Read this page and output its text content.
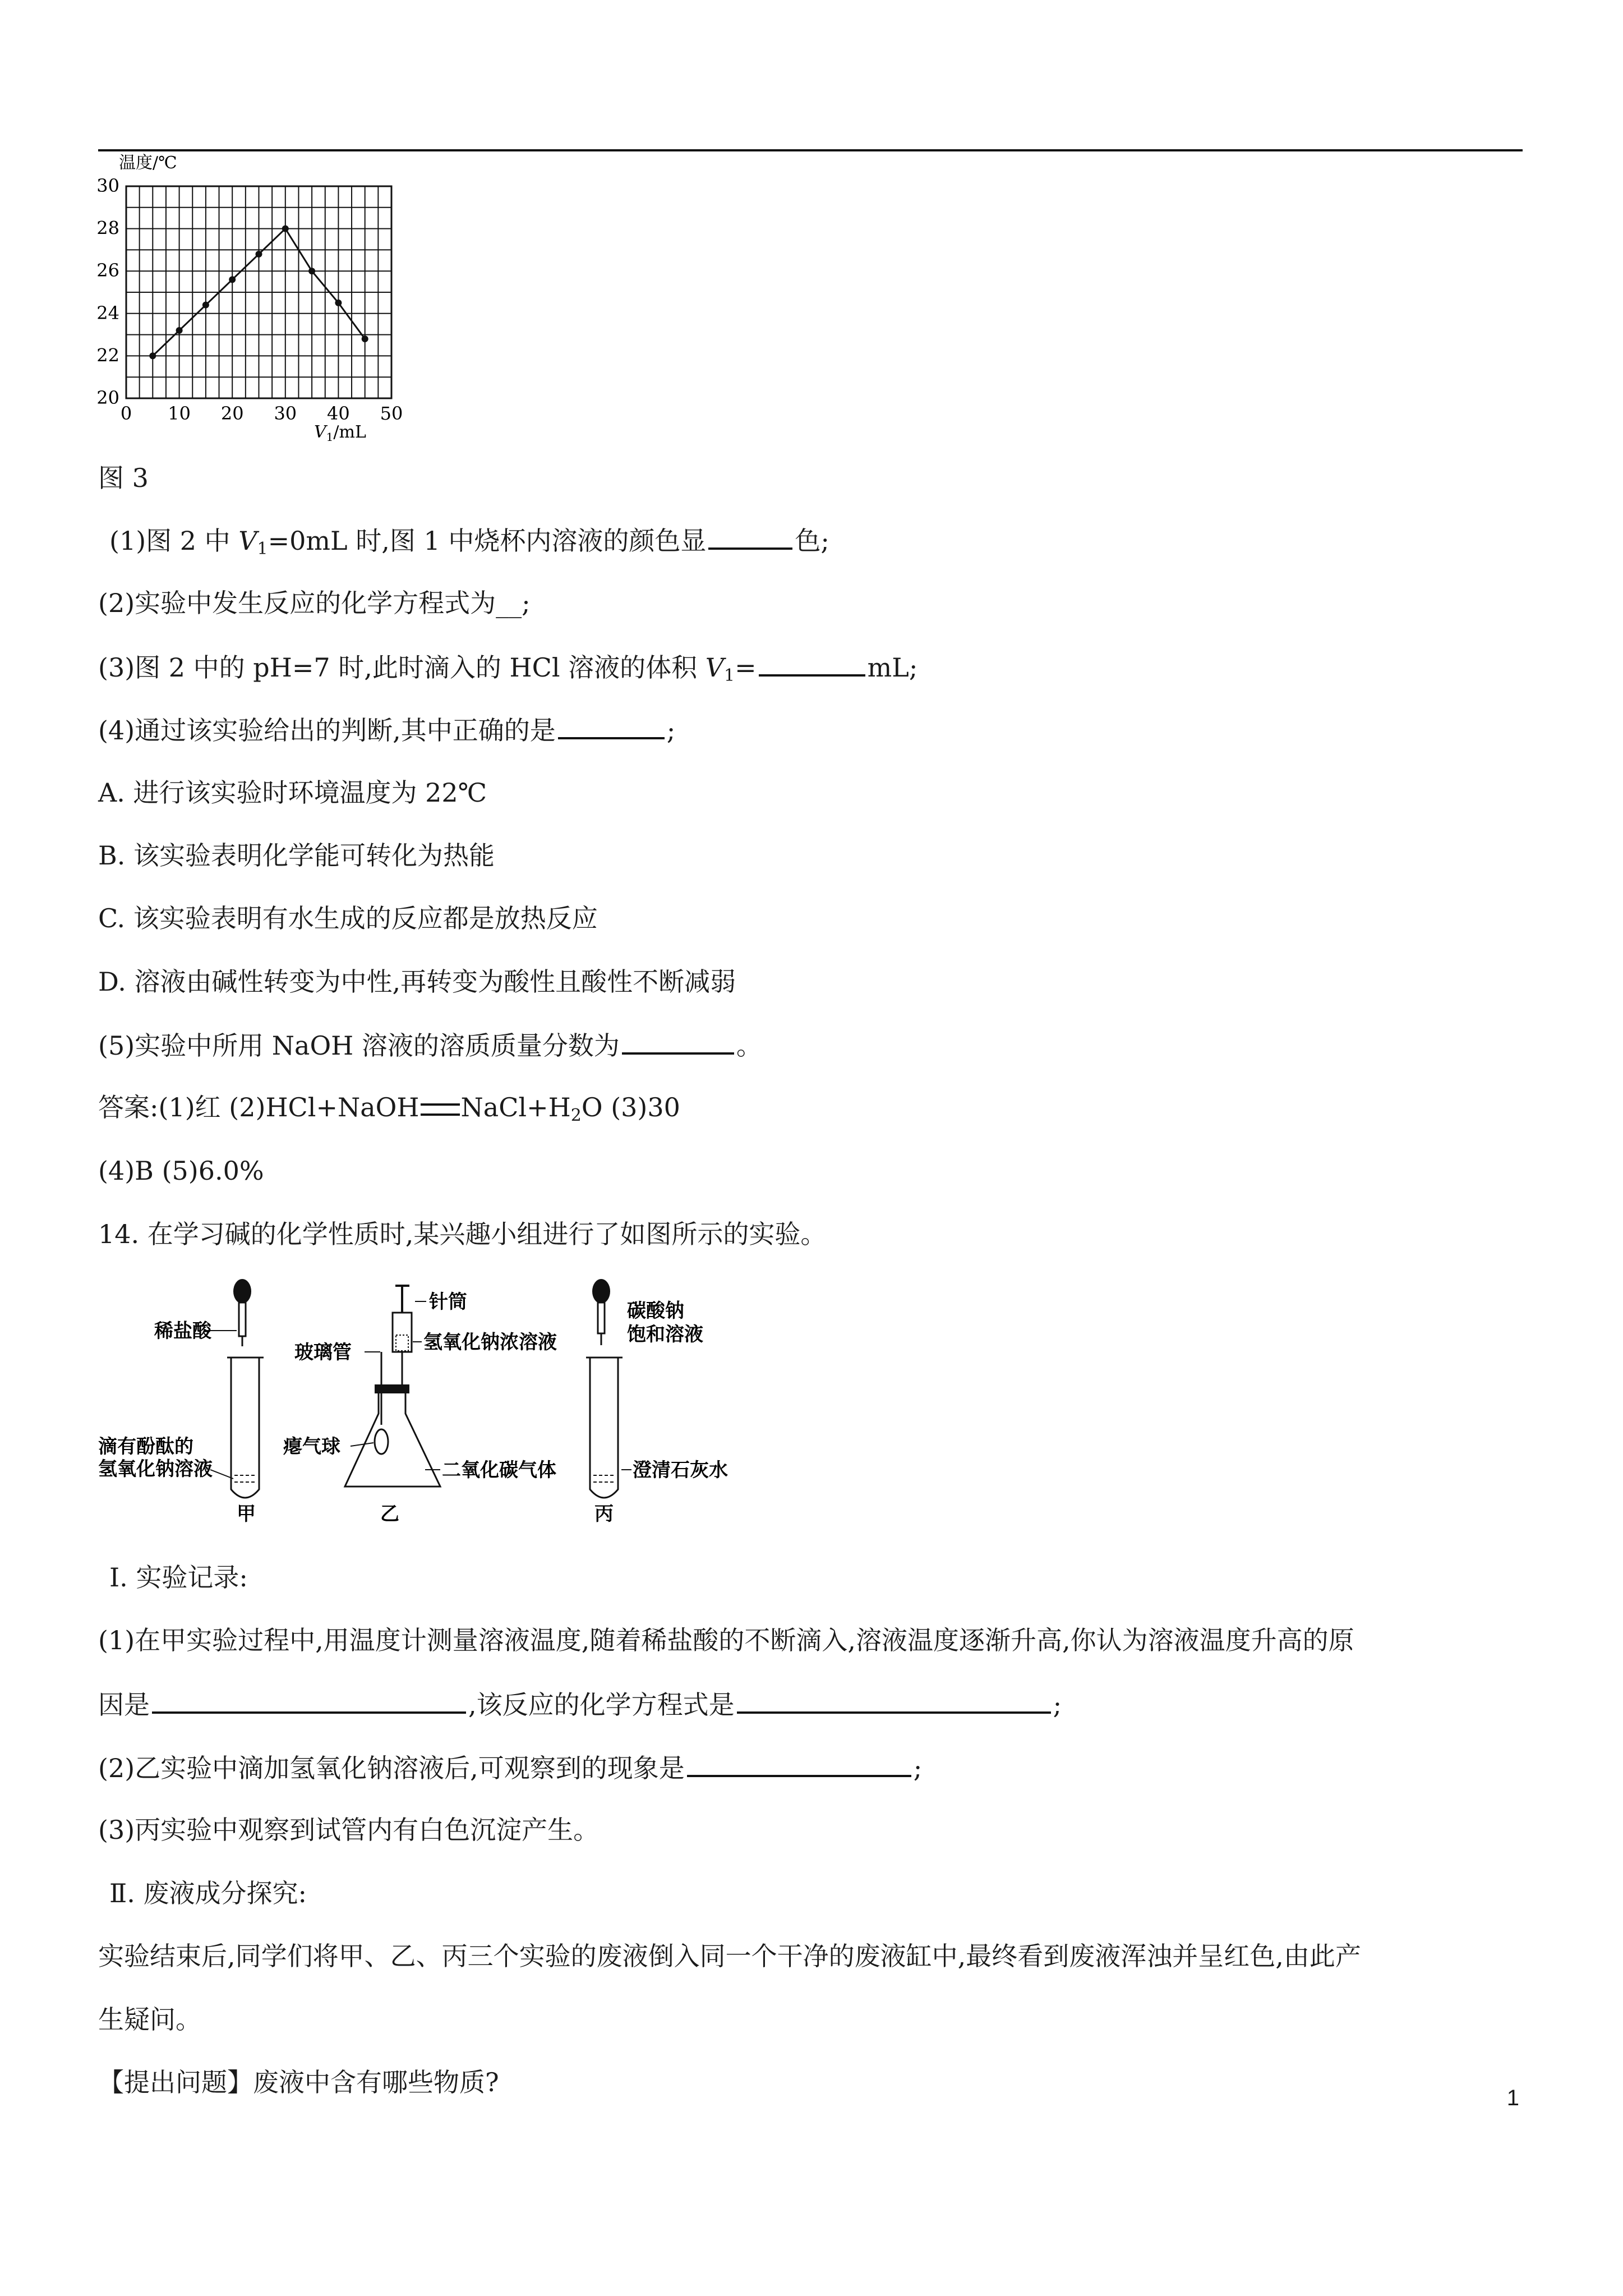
温度/℃
20
22
24
26
28
30
0 10 20 30 40 50
$V_1/mL$
图 3
(1)图 2 中 $V_1=0mL$ 时,图 1 中烧杯内溶液的颜色显	色;
(2)实验中发生反应的化学方程式为__;
(3)图 2 中的 pH=7 时,此时滴入的 HCl 溶液的体积 $V_1=$	mL;
(4)通过该实验给出的判断,其中正确的是	;
A. 进行该实验时环境温度为 22℃
B. 该实验表明化学能可转化为热能
C. 该实验表明有水生成的反应都是放热反应
D. 溶液由碱性转变为中性,再转变为酸性且酸性不断减弱
(5)实验中所用 NaOH 溶液的溶质质量分数为	。
答案:(1)红 (2)HCl+NaOH $NaCl+H_2O$ (3)30
(4)B (5)6.0%
14. 在学习碱的化学性质时,某兴趣小组进行了如图所示的实验。
稀盐酸
滴有酚酞的
氢氧化钠溶液
甲
针筒
玻璃管	氢氧化钠浓溶液
瘪气球
二氧化碳气体
乙
碳酸钠
饱和溶液
澄清石灰水
丙
Ⅰ. 实验记录:
(1)在甲实验过程中,用温度计测量溶液温度,随着稀盐酸的不断滴入,溶液温度逐渐升高,你认为溶液温度升高的原
因是	,该反应的化学方程式是	;
(2)乙实验中滴加氢氧化钠溶液后,可观察到的现象是	;
(3)丙实验中观察到试管内有白色沉淀产生。
Ⅱ. 废液成分探究:
实验结束后,同学们将甲、乙、丙三个实验的废液倒入同一个干净的废液缸中,最终看到废液浑浊并呈红色,由此产
生疑问。
【提出问题】废液中含有哪些物质?
1
